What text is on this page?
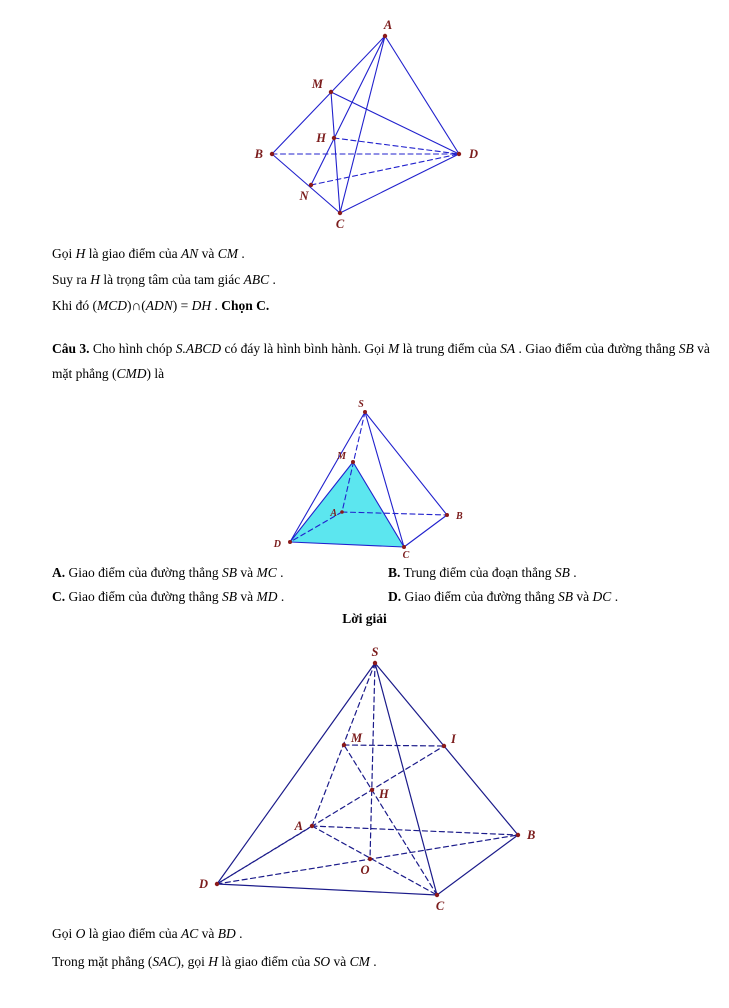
A
M
H
B	D
N
C
Gọi H là giao điểm của AN và CM .
Suy ra H là trọng tâm của tam giác ABC .
Khi đó (MCD)∩(ADN) = DH . Chọn C.
Câu 3. Cho hình chóp S.ABCD có đáy là hình bình hành. Gọi M là trung điểm của SA . Giao điểm của đường thẳng SB và mặt phẳng (CMD) là
S
M
A	B
D
C
A. Giao điểm của đường thẳng SB và MC .	B. Trung điểm của đoạn thẳng SB .
C. Giao điểm của đường thẳng SB và MD .	D. Giao điểm của đường thẳng SB và DC .
Lời giải
S
M	I
H
A
B
O
D
C
Gọi O là giao điểm của AC và BD .
Trong mặt phẳng (SAC), gọi H là giao điểm của SO và CM .
